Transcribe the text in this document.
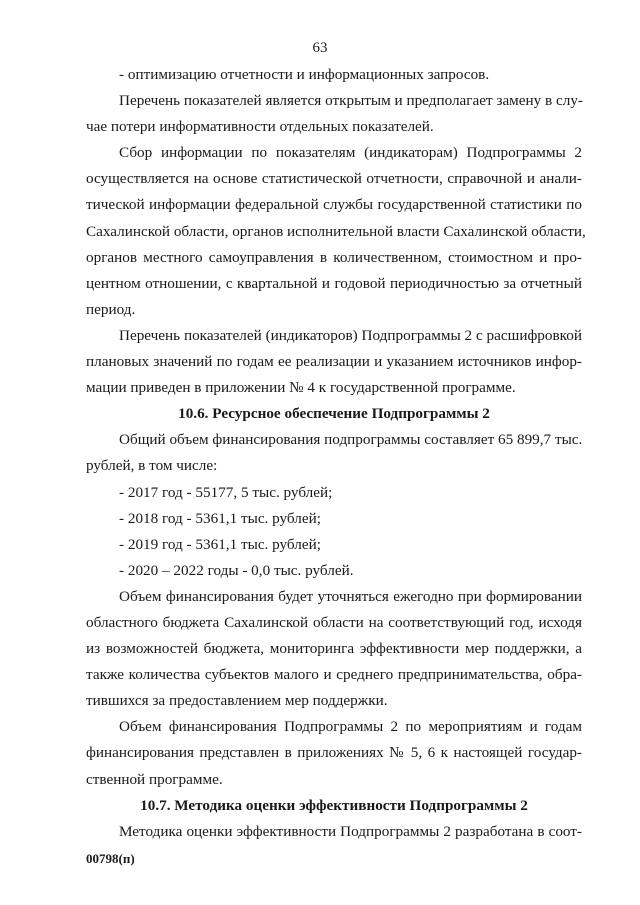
63

- оптимизацию отчетности и информационных запросов.

Перечень показателей является открытым и предполагает замену в слу-
чае потери информативности отдельных показателей.

Сбор информации по показателям (индикаторам) Подпрограммы 2
осуществляется на основе статистической отчетности, справочной и анали-
тической информации федеральной службы государственной статистики по
Сахалинской области, органов исполнительной власти Сахалинской области,
органов местного самоуправления в количественном, стоимостном и про-
центном отношении, с квартальной и годовой периодичностью за отчетный
период.

Перечень показателей (индикаторов) Подпрограммы 2 с расшифровкой
плановых значений по годам ее реализации и указанием источников инфор-
мации приведен в приложении № 4 к государственной программе.

10.6. Ресурсное обеспечение Подпрограммы 2

Общий объем финансирования подпрограммы составляет 65 899,7 тыс.
рублей, в том числе:

- 2017 год - 55177, 5 тыс. рублей;

- 2018 год - 5361,1 тыс. рублей;

- 2019 год - 5361,1 тыс. рублей;

- 2020 – 2022 годы - 0,0 тыс. рублей.

Объем финансирования будет уточняться ежегодно при формировании
областного бюджета Сахалинской области на соответствующий год, исходя
из возможностей бюджета, мониторинга эффективности мер поддержки, а
также количества субъектов малого и среднего предпринимательства, обра-
тившихся за предоставлением мер поддержки.

Объем финансирования Подпрограммы 2 по мероприятиям и годам
финансирования представлен в приложениях № 5, 6 к настоящей государ-
ственной программе.

10.7. Методика оценки эффективности Подпрограммы 2

Методика оценки эффективности Подпрограммы 2 разработана в соот-

00798(п)
